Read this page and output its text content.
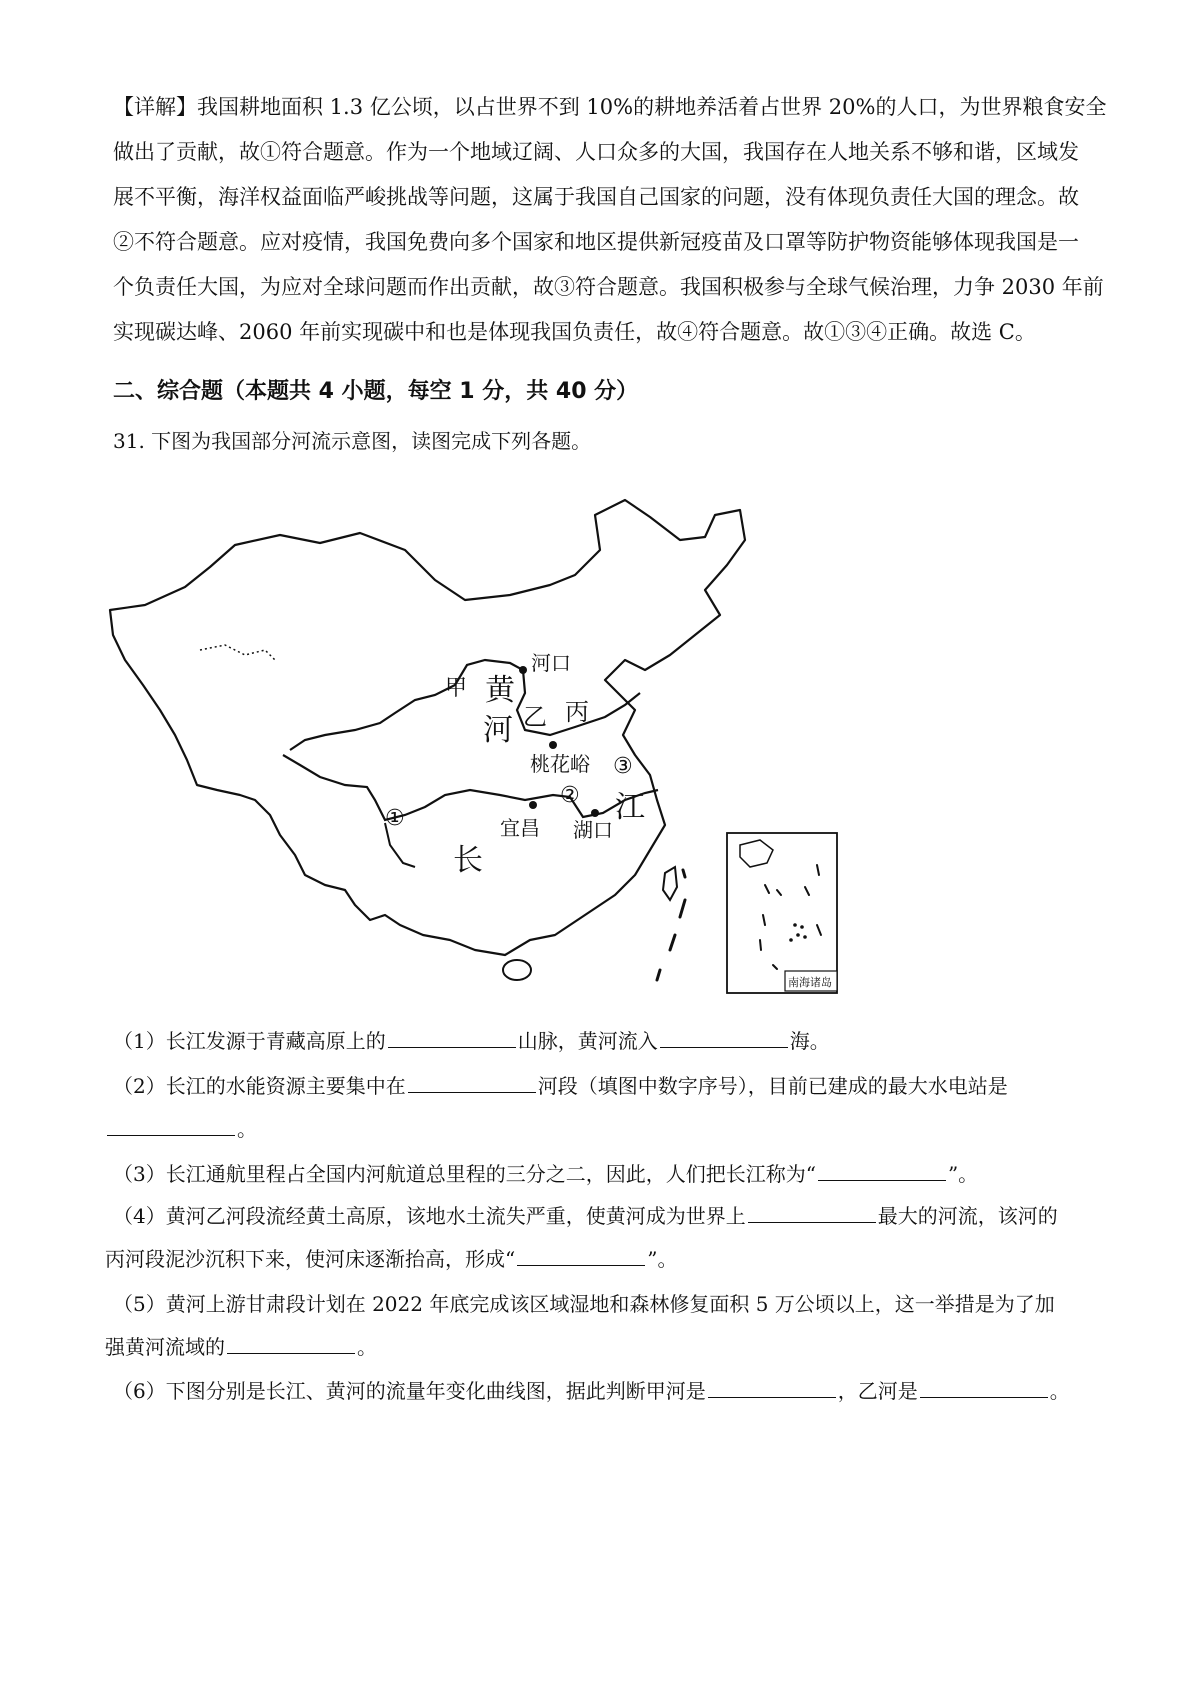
【详解】我国耕地面积 1.3 亿公顷，以占世界不到 10%的耕地养活着占世界 20%的人口，为世界粮食安全
做出了贡献，故①符合题意。作为一个地域辽阔、人口众多的大国，我国存在人地关系不够和谐，区域发
展不平衡，海洋权益面临严峻挑战等问题，这属于我国自己国家的问题，没有体现负责任大国的理念。故
②不符合题意。应对疫情，我国免费向多个国家和地区提供新冠疫苗及口罩等防护物资能够体现我国是一
个负责任大国，为应对全球问题而作出贡献，故③符合题意。我国积极参与全球气候治理，力争 2030 年前
实现碳达峰、2060 年前实现碳中和也是体现我国负责任，故④符合题意。故①③④正确。故选 C。
二、综合题（本题共 4 小题，每空 1 分，共 40 分）
31. 下图为我国部分河流示意图，读图完成下列各题。
河口
甲 黄
河 乙 丙
桃花峪 ③
②
①	江
宜昌 湖口
长
南海诸岛
（1）长江发源于青藏高原上的	山脉，黄河流入	海。
（2）长江的水能资源主要集中在	河段（填图中数字序号），目前已建成的最大水电站是
。
（3）长江通航里程占全国内河航道总里程的三分之二，因此，人们把长江称为“	”。
（4）黄河乙河段流经黄土高原，该地水土流失严重，使黄河成为世界上	最大的河流，该河的
丙河段泥沙沉积下来，使河床逐渐抬高，形成“	”。
（5）黄河上游甘肃段计划在 2022 年底完成该区域湿地和森林修复面积 5 万公顷以上，这一举措是为了加
强黄河流域的	。
（6）下图分别是长江、黄河的流量年变化曲线图，据此判断甲河是	，乙河是	。
